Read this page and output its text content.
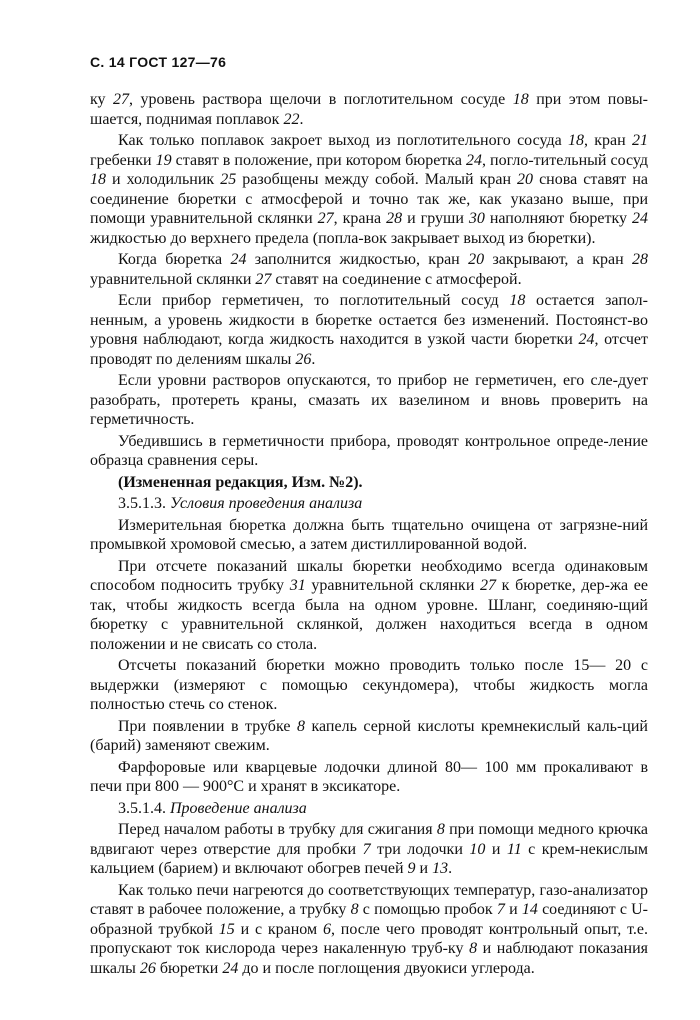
С. 14 ГОСТ 127—76

ку 27, уровень раствора щелочи в поглотительном сосуде 18 при этом повы-шается, поднимая поплавок 22.

Как только поплавок закроет выход из поглотительного сосуда 18, кран 21 гребенки 19 ставят в положение, при котором бюретка 24, погло-тительный сосуд 18 и холодильник 25 разобщены между собой. Малый кран 20 снова ставят на соединение бюретки с атмосферой и точно так же, как указано выше, при помощи уравнительной склянки 27, крана 28 и груши 30 наполняют бюретку 24 жидкостью до верхнего предела (попла-вок закрывает выход из бюретки).

Когда бюретка 24 заполнится жидкостью, кран 20 закрывают, а кран 28 уравнительной склянки 27 ставят на соединение с атмосферой.

Если прибор герметичен, то поглотительный сосуд 18 остается запол-ненным, а уровень жидкости в бюретке остается без изменений. Постоянст-во уровня наблюдают, когда жидкость находится в узкой части бюретки 24, отсчет проводят по делениям шкалы 26.

Если уровни растворов опускаются, то прибор не герметичен, его сле-дует разобрать, протереть краны, смазать их вазелином и вновь проверить на герметичность.

Убедившись в герметичности прибора, проводят контрольное опреде-ление образца сравнения серы.

(Измененная редакция, Изм. №2).

3.5.1.3. Условия проведения анализа

Измерительная бюретка должна быть тщательно очищена от загрязне-ний промывкой хромовой смесью, а затем дистиллированной водой.

При отсчете показаний шкалы бюретки необходимо всегда одинаковым способом подносить трубку 31 уравнительной склянки 27 к бюретке, дер-жа ее так, чтобы жидкость всегда была на одном уровне. Шланг, соединяю-щий бюретку с уравнительной склянкой, должен находиться всегда в одном положении и не свисать со стола.

Отсчеты показаний бюретки можно проводить только после 15— 20 с выдержки (измеряют с помощью секундомера), чтобы жидкость могла полностью стечь со стенок.

При появлении в трубке 8 капель серной кислоты кремнекислый каль-ций (барий) заменяют свежим.

Фарфоровые или кварцевые лодочки длиной 80— 100 мм прокаливают в печи при 800 — 900°С и хранят в эксикаторе.

3.5.1.4. Проведение анализа

Перед началом работы в трубку для сжигания 8 при помощи медного крючка вдвигают через отверстие для пробки 7 три лодочки 10 и 11 с крем-некислым кальцием (барием) и включают обогрев печей 9 и 13.

Как только печи нагреются до соответствующих температур, газо-анализатор ставят в рабочее положение, а трубку 8 с помощью пробок 7 и 14 соединяют с U-образной трубкой 15 и с краном 6, после чего проводят контрольный опыт, т.е. пропускают ток кислорода через накаленную труб-ку 8 и наблюдают показания шкалы 26 бюретки 24 до и после поглощения двуокиси углерода.
